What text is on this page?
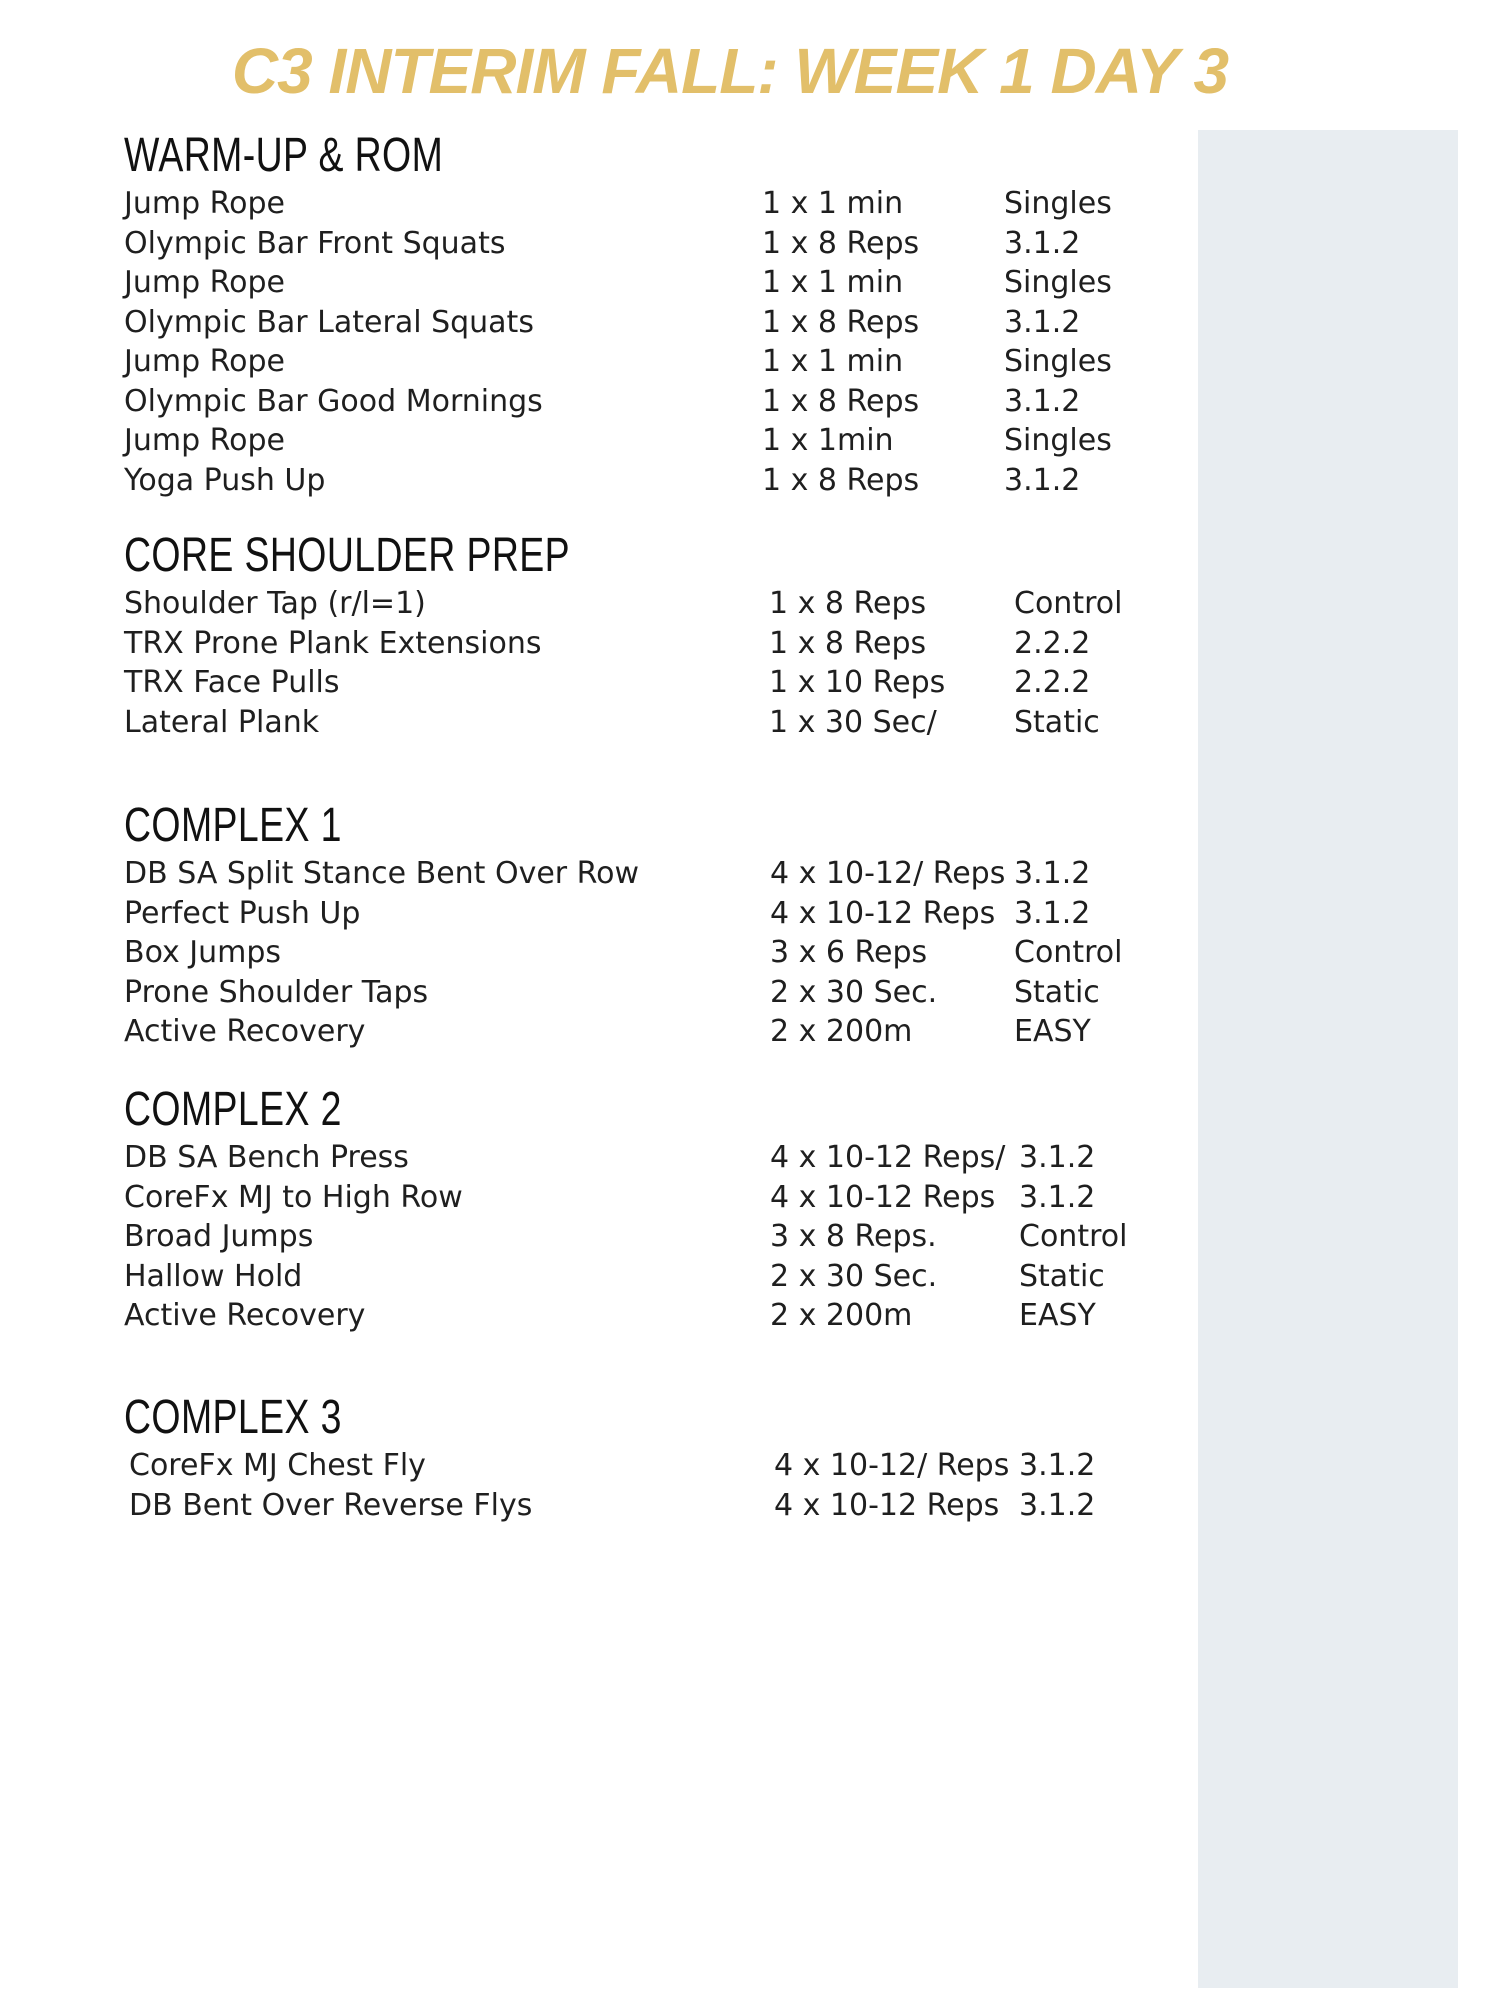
C3 INTERIM FALL: WEEK 1 DAY 3
WARM-UP & ROM
Jump Rope	1 x 1 min	Singles
Olympic Bar Front Squats	1 x 8 Reps	3.1.2
Jump Rope	1 x 1 min	Singles
Olympic Bar Lateral Squats	1 x 8 Reps	3.1.2
Jump Rope	1 x 1 min	Singles
Olympic Bar Good Mornings	1 x 8 Reps	3.1.2
Jump Rope	1 x 1min	Singles
Yoga Push Up	1 x 8 Reps	3.1.2
CORE SHOULDER PREP
Shoulder Tap (r/l=1)	1 x 8 Reps	Control
TRX Prone Plank Extensions	1 x 8 Reps	2.2.2
TRX Face Pulls	1 x 10 Reps 2.2.2
Lateral Plank	1 x 30 Sec/	Static
COMPLEX 1
DB SA Split Stance Bent Over Row	4 x 10-12/ Reps 3.1.2
Perfect Push Up	4 x 10-12 Reps 3.1.2
Box Jumps	3 x 6 Reps	Control
Prone Shoulder Taps	2 x 30 Sec.	Static
Active Recovery	2 x 200m	EASY
COMPLEX 2
DB SA Bench Press	4 x 10-12 Reps/ 3.1.2
CoreFx MJ to High Row	4 x 10-12 Reps 3.1.2
Broad Jumps	3 x 8 Reps.	Control
Hallow Hold	2 x 30 Sec.	Static
Active Recovery	2 x 200m	EASY
COMPLEX 3
CoreFx MJ Chest Fly	4 x 10-12/ Reps 3.1.2
DB Bent Over Reverse Flys	4 x 10-12 Reps 3.1.2
